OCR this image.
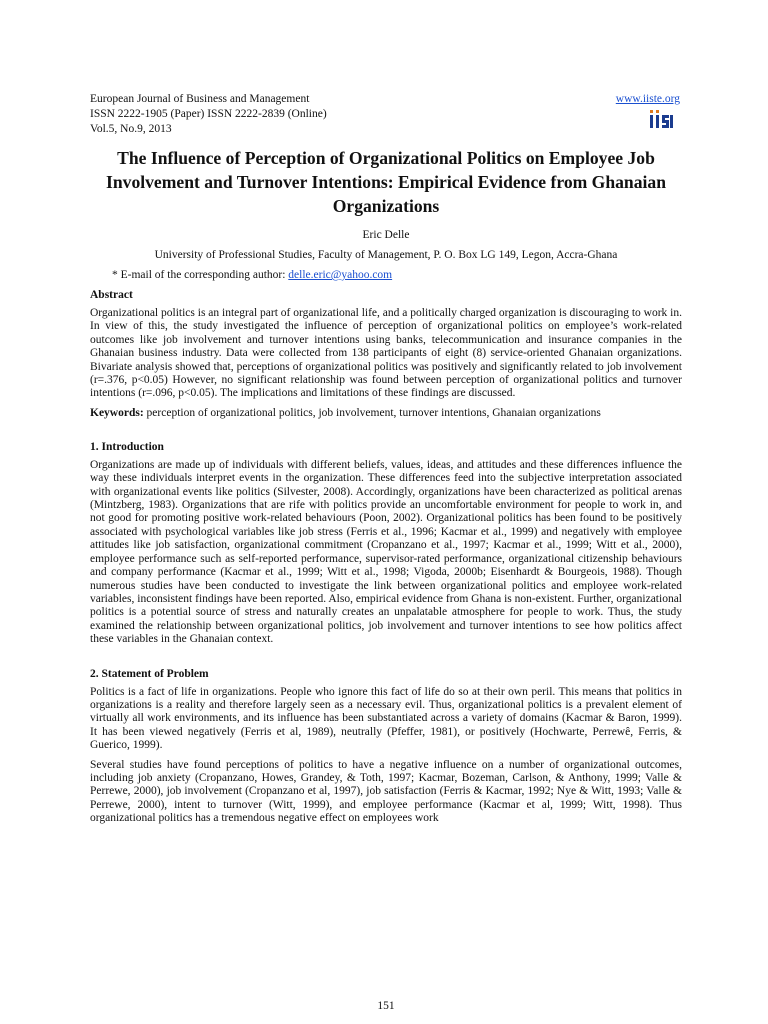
European Journal of Business and Management
ISSN 2222-1905 (Paper) ISSN 2222-2839 (Online)
Vol.5, No.9, 2013
www.iiste.org
The Influence of Perception of Organizational Politics on Employee Job Involvement and Turnover Intentions: Empirical Evidence from Ghanaian Organizations
Eric Delle
University of Professional Studies, Faculty of Management, P. O. Box LG 149, Legon, Accra-Ghana
* E-mail of the corresponding author: delle.eric@yahoo.com
Abstract

Organizational politics is an integral part of organizational life, and a politically charged organization is discouraging to work in. In view of this, the study investigated the influence of perception of organizational politics on employee’s work-related outcomes like job involvement and turnover intentions using banks, telecommunication and insurance companies in the Ghanaian business industry. Data were collected from 138 participants of eight (8) service-oriented Ghanaian organizations. Bivariate analysis showed that, perceptions of organizational politics was positively and significantly related to job involvement (r=.376, p<0.05) However, no significant relationship was found between perception of organizational politics and turnover intentions (r=.096, p<0.05). The implications and limitations of these findings are discussed.

Keywords: perception of organizational politics, job involvement, turnover intentions, Ghanaian organizations
1. Introduction

Organizations are made up of individuals with different beliefs, values, ideas, and attitudes and these differences influence the way these individuals interpret events in the organization. These differences feed into the subjective interpretation associated with organizational events like politics (Silvester, 2008). Accordingly, organizations have been characterized as political arenas (Mintzberg, 1983). Organizations that are rife with politics provide an uncomfortable environment for people to work in, and not good for promoting positive work-related behaviours (Poon, 2002). Organizational politics has been found to be positively associated with psychological variables like job stress (Ferris et al., 1996; Kacmar et al., 1999) and negatively with employee attitudes like job satisfaction, organizational commitment (Cropanzano et al., 1997; Kacmar et al., 1999; Witt et al., 2000), employee performance such as self-reported performance, supervisor-rated performance, organizational citizenship behaviours and company performance (Kacmar et al., 1999; Witt et al., 1998; Vigoda, 2000b; Eisenhardt & Bourgeois, 1988). Though numerous studies have been conducted to investigate the link between organizational politics and employee work-related variables, inconsistent findings have been reported. Also, empirical evidence from Ghana is non-existent. Further, organizational politics is a potential source of stress and naturally creates an unpalatable atmosphere for people to work. Thus, the study examined the relationship between organizational politics, job involvement and turnover intentions to see how politics affect these variables in the Ghanaian context.

2. Statement of Problem

Politics is a fact of life in organizations. People who ignore this fact of life do so at their own peril. This means that politics in organizations is a reality and therefore largely seen as a necessary evil. Thus, organizational politics is a prevalent element of virtually all work environments, and its influence has been substantiated across a variety of domains (Kacmar & Baron, 1999). It has been viewed negatively (Ferris et al, 1989), neutrally (Pfeffer, 1981), or positively (Hochwarte, Perrewê, Ferris, & Guerico, 1999).

Several studies have found perceptions of politics to have a negative influence on a number of organizational outcomes, including job anxiety (Cropanzano, Howes, Grandey, & Toth, 1997; Kacmar, Bozeman, Carlson, & Anthony, 1999; Valle & Perrewe, 2000), job involvement (Cropanzano et al, 1997), job satisfaction (Ferris & Kacmar, 1992; Nye & Witt, 1993; Valle & Perrewe, 2000), intent to turnover (Witt, 1999), and employee performance (Kacmar et al, 1999; Witt, 1998). Thus organizational politics has a tremendous negative effect on employees work

151
